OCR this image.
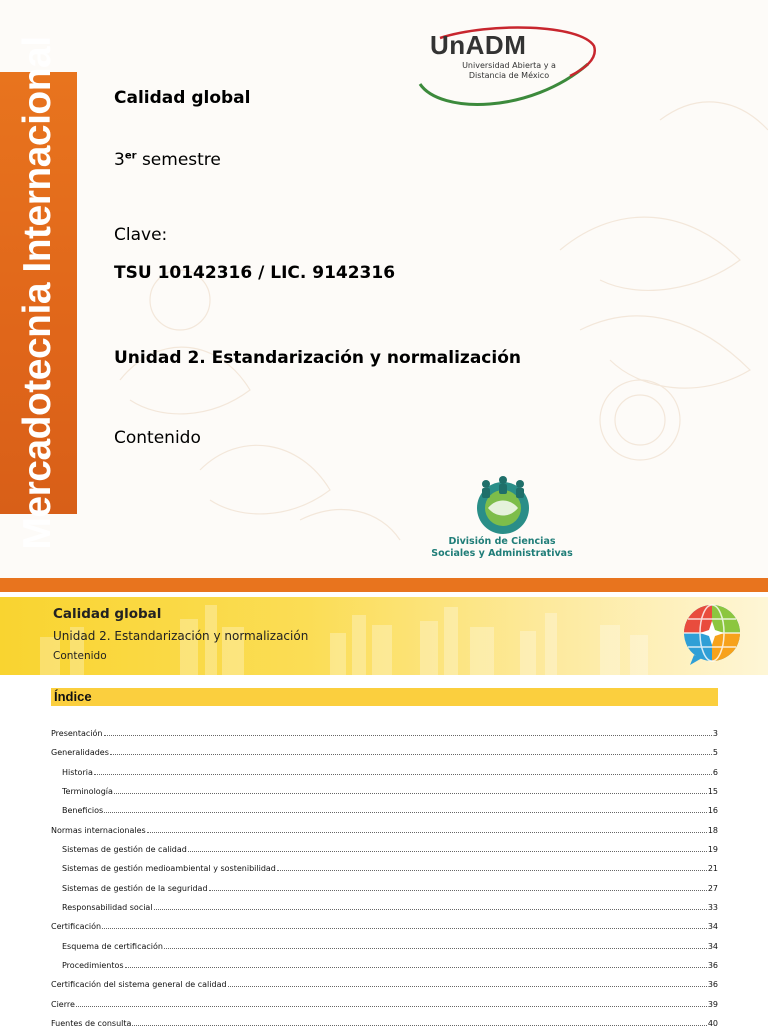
Mercadotecnia Internacional	UnADM
Universidad Abierta y a Distancia de México
Calidad global
3er semestre
Clave:
TSU 10142316 / LIC. 9142316
Unidad 2. Estandarización y normalización
Contenido
División de Ciencias
Sociales y Administrativas
Calidad global
Unidad 2. Estandarización y normalización
Contenido
Índice
Presentación	3
Generalidades	5
Historia	6
Terminología	15
Beneficios	16
Normas internacionales	18
Sistemas de gestión de calidad	19
Sistemas de gestión medioambiental y sostenibilidad	21
Sistemas de gestión de la seguridad	27
Responsabilidad social	33
Certificación	34
Esquema de certificación	34
Procedimientos	36
Certificación del sistema general de calidad	36
Cierre	39
Fuentes de consulta	40
